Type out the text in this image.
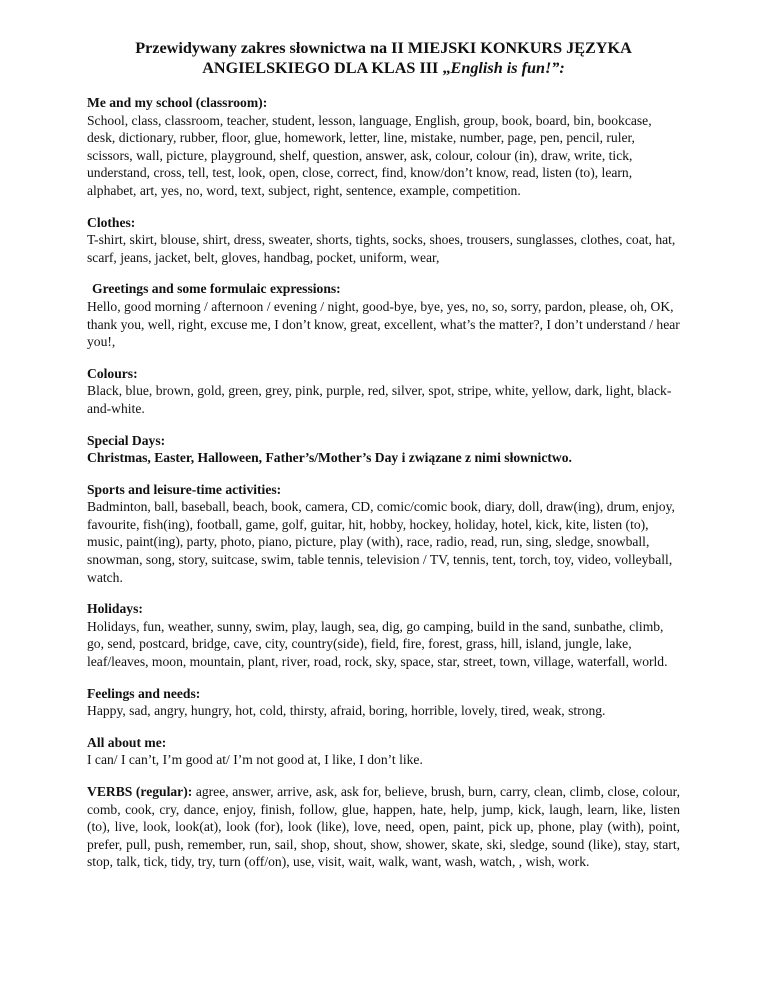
Przewidywany zakres słownictwa na II MIEJSKI KONKURS JĘZYKA
ANGIELSKIEGO DLA KLAS III „English is fun!”:
Me and my school (classroom):
School, class, classroom, teacher, student, lesson, language, English, group, book, board, bin, bookcase, desk, dictionary, rubber, floor, glue, homework, letter, line, mistake, number, page, pen, pencil, ruler, scissors, wall, picture, playground, shelf, question, answer, ask, colour, colour (in), draw, write, tick, understand, cross, tell, test, look, open, close, correct, find, know/don’t know, read, listen (to), learn, alphabet, art, yes, no, word, text, subject, right, sentence, example, competition.
Clothes:
T-shirt, skirt, blouse, shirt, dress, sweater, shorts, tights, socks, shoes, trousers, sunglasses, clothes, coat, hat, scarf, jeans, jacket, belt, gloves, handbag, pocket, uniform, wear,
Greetings and some formulaic expressions:
Hello, good morning / afternoon / evening / night, good-bye, bye, yes, no, so, sorry, pardon, please, oh, OK, thank you, well, right, excuse me, I don’t know, great, excellent, what’s the matter?, I don’t understand / hear you!,
Colours:
Black, blue, brown, gold, green, grey, pink, purple, red, silver, spot, stripe, white, yellow, dark, light, black-and-white.
Special Days:
Christmas, Easter, Halloween, Father’s/Mother’s Day i związane z nimi słownictwo.
Sports and leisure-time activities:
Badminton, ball, baseball, beach, book, camera, CD, comic/comic book, diary, doll, draw(ing), drum, enjoy, favourite, fish(ing), football, game, golf, guitar, hit, hobby, hockey, holiday, hotel, kick, kite, listen (to), music, paint(ing), party, photo, piano, picture, play (with), race, radio, read, run, sing, sledge, snowball, snowman, song, story, suitcase, swim, table tennis, television / TV, tennis, tent, torch, toy, video, volleyball, watch.
Holidays:
Holidays, fun, weather, sunny, swim, play, laugh, sea, dig, go camping, build in the sand, sunbathe, climb, go, send, postcard, bridge, cave, city, country(side), field, fire, forest, grass, hill, island, jungle, lake, leaf/leaves, moon, mountain, plant, river, road, rock, sky, space, star, street, town, village, waterfall, world.
Feelings and needs:
Happy, sad, angry, hungry, hot, cold, thirsty, afraid, boring, horrible, lovely, tired, weak, strong.
All about me:
I can/ I can’t, I’m good at/ I’m not good at, I like, I don’t like.
VERBS (regular): agree, answer, arrive, ask, ask for, believe, brush, burn, carry, clean, climb, close, colour, comb, cook, cry, dance, enjoy, finish, follow, glue, happen, hate, help, jump, kick, laugh, learn, like, listen (to), live, look, look(at), look (for), look (like), love, need, open, paint, pick up, phone, play (with), point, prefer, pull, push, remember, run, sail, shop, shout, show, shower, skate, ski, sledge, sound (like), stay, start, stop, talk, tick, tidy, try, turn (off/on), use, visit, wait, walk, want, wash, watch, , wish, work.
